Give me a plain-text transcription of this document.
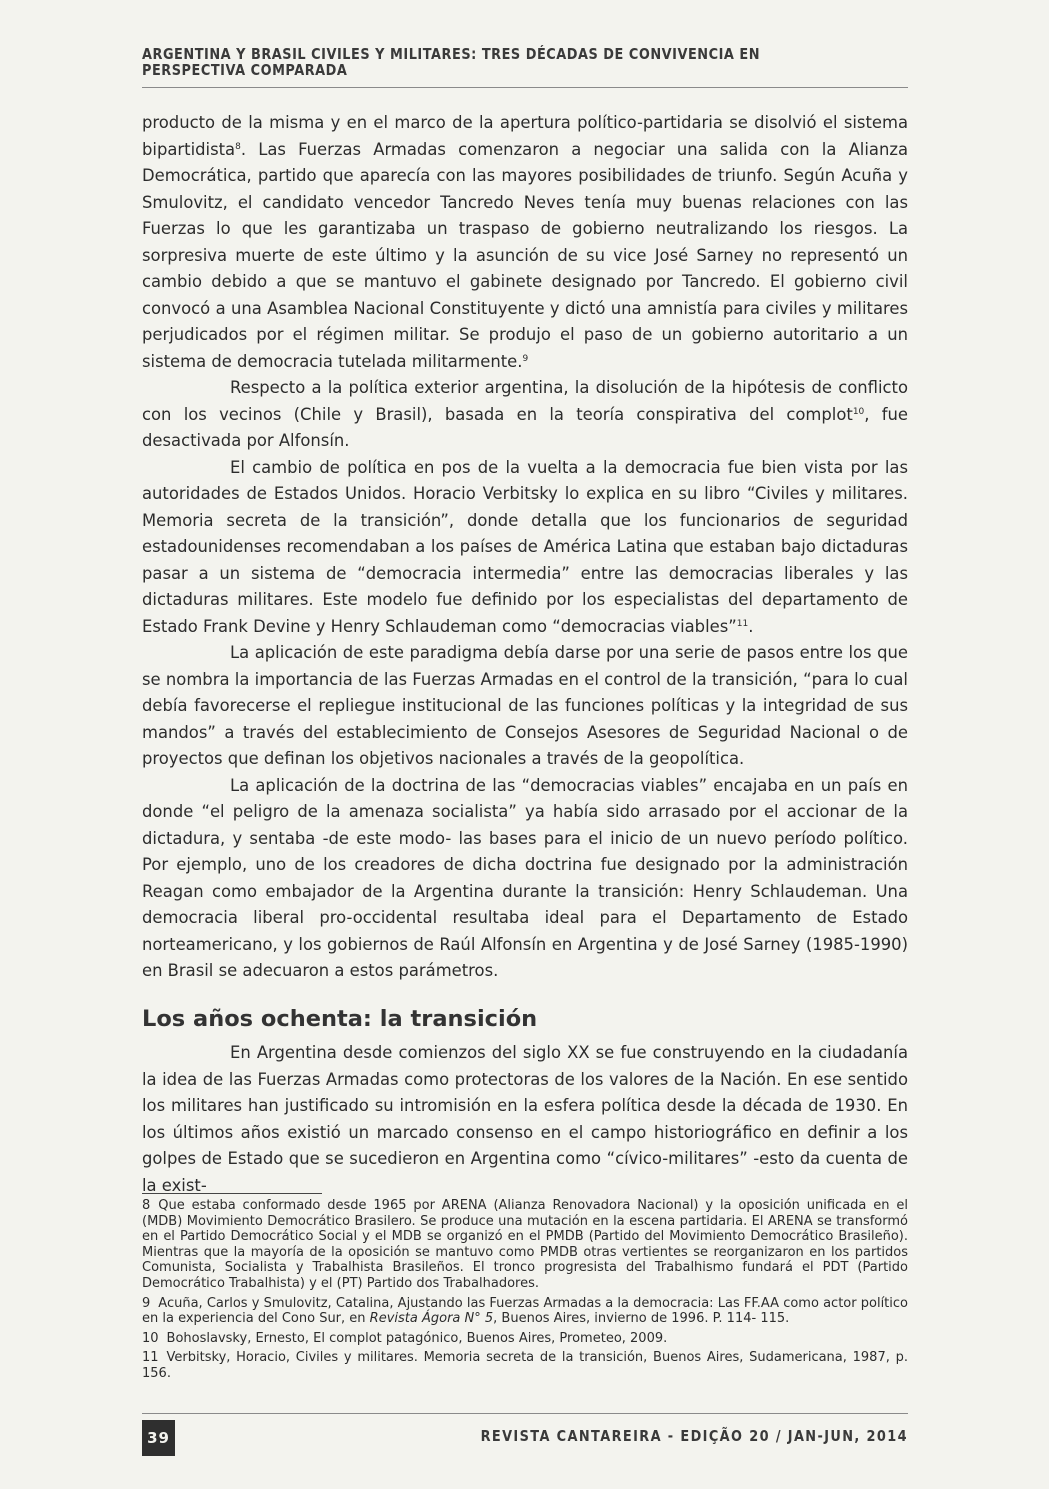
ARGENTINA Y BRASIL CIVILES Y MILITARES: TRES DÉCADAS DE CONVIVENCIA EN PERSPECTIVA COMPARADA

producto de la misma y en el marco de la apertura político-partidaria se disolvió el sistema bipartidista$^8$. Las Fuerzas Armadas comenzaron a negociar una salida con la Alianza Democrática, partido que aparecía con las mayores posibilidades de triunfo. Según Acuña y Smulovitz, el candidato vencedor Tancredo Neves tenía muy buenas relaciones con las Fuerzas lo que les garantizaba un traspaso de gobierno neutralizando los riesgos. La sorpresiva muerte de este último y la asunción de su vice José Sarney no representó un cambio debido a que se mantuvo el gabinete designado por Tancredo. El gobierno civil convocó a una Asamblea Nacional Constituyente y dictó una amnistía para civiles y militares perjudicados por el régimen militar. Se produjo el paso de un gobierno autoritario a un sistema de democracia tutelada militarmente.$^9$

Respecto a la política exterior argentina, la disolución de la hipótesis de conflicto con los vecinos (Chile y Brasil), basada en la teoría conspirativa del complot$^{10}$, fue desactivada por Alfonsín.

El cambio de política en pos de la vuelta a la democracia fue bien vista por las autoridades de Estados Unidos. Horacio Verbitsky lo explica en su libro “Civiles y militares. Memoria secreta de la transición”, donde detalla que los funcionarios de seguridad estadounidenses recomendaban a los países de América Latina que estaban bajo dictaduras pasar a un sistema de “democracia intermedia” entre las democracias liberales y las dictaduras militares. Este modelo fue definido por los especialistas del departamento de Estado Frank Devine y Henry Schlaudeman como “democracias viables”$^{11}$.

La aplicación de este paradigma debía darse por una serie de pasos entre los que se nombra la importancia de las Fuerzas Armadas en el control de la transición, “para lo cual debía favorecerse el repliegue institucional de las funciones políticas y la integridad de sus mandos” a través del establecimiento de Consejos Asesores de Seguridad Nacional o de proyectos que definan los objetivos nacionales a través de la geopolítica.

La aplicación de la doctrina de las “democracias viables” encajaba en un país en donde “el peligro de la amenaza socialista” ya había sido arrasado por el accionar de la dictadura, y sentaba -de este modo- las bases para el inicio de un nuevo período político. Por ejemplo, uno de los creadores de dicha doctrina fue designado por la administración Reagan como embajador de la Argentina durante la transición: Henry Schlaudeman. Una democracia liberal pro-occidental resultaba ideal para el Departamento de Estado norteamericano, y los gobiernos de Raúl Alfonsín en Argentina y de José Sarney (1985-1990) en Brasil se adecuaron a estos parámetros.

Los años ochenta: la transición

En Argentina desde comienzos del siglo XX se fue construyendo en la ciudadanía la idea de las Fuerzas Armadas como protectoras de los valores de la Nación. En ese sentido los militares han justificado su intromisión en la esfera política desde la década de 1930. En los últimos años existió un marcado consenso en el campo historiográfico en definir a los golpes de Estado que se sucedieron en Argentina como “cívico-militares” -esto da cuenta de la exist-

8 Que estaba conformado desde 1965 por ARENA (Alianza Renovadora Nacional) y la oposición unificada en el (MDB) Movimiento Democrático Brasilero. Se produce una mutación en la escena partidaria. El ARENA se transformó en el Partido Democrático Social y el MDB se organizó en el PMDB (Partido del Movimiento Democrático Brasileño). Mientras que la mayoría de la oposición se mantuvo como PMDB otras vertientes se reorganizaron en los partidos Comunista, Socialista y Trabalhista Brasileños. El tronco progresista del Trabalhismo fundará el PDT (Partido Democrático Trabalhista) y el (PT) Partido dos Trabalhadores.

9 Acuña, Carlos y Smulovitz, Catalina, Ajustando las Fuerzas Armadas a la democracia: Las FF.AA como actor político en la experiencia del Cono Sur, en Revista Ágora N° 5, Buenos Aires, invierno de 1996. P. 114- 115.

10 Bohoslavsky, Ernesto, El complot patagónico, Buenos Aires, Prometeo, 2009.

11 Verbitsky, Horacio, Civiles y militares. Memoria secreta de la transición, Buenos Aires, Sudamericana, 1987, p. 156.

39	REVISTA CANTAREIRA - EDIÇÃO 20 / JAN-JUN, 2014
